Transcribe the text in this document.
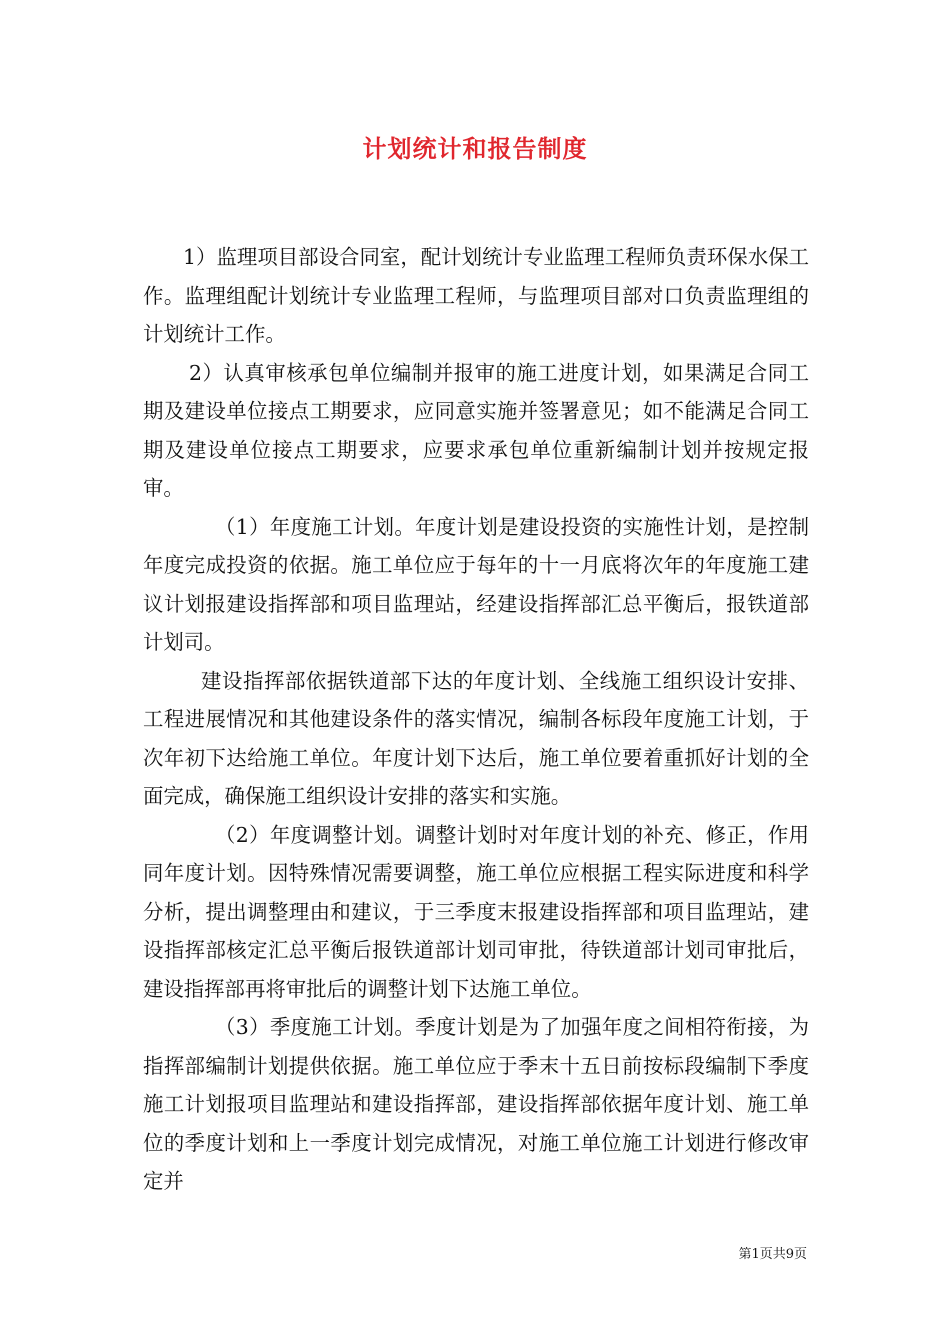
计划统计和报告制度

1）监理项目部设合同室，配计划统计专业监理工程师负责环保水保工作。监理组配计划统计专业监理工程师，与监理项目部对口负责监理组的计划统计工作。

2）认真审核承包单位编制并报审的施工进度计划，如果满足合同工期及建设单位接点工期要求，应同意实施并签署意见；如不能满足合同工期及建设单位接点工期要求，应要求承包单位重新编制计划并按规定报审。

（1）年度施工计划。年度计划是建设投资的实施性计划，是控制年度完成投资的依据。施工单位应于每年的十一月底将次年的年度施工建议计划报建设指挥部和项目监理站，经建设指挥部汇总平衡后，报铁道部计划司。

建设指挥部依据铁道部下达的年度计划、全线施工组织设计安排、工程进展情况和其他建设条件的落实情况，编制各标段年度施工计划，于次年初下达给施工单位。年度计划下达后，施工单位要着重抓好计划的全面完成，确保施工组织设计安排的落实和实施。

（2）年度调整计划。调整计划时对年度计划的补充、修正，作用同年度计划。因特殊情况需要调整，施工单位应根据工程实际进度和科学分析，提出调整理由和建议，于三季度末报建设指挥部和项目监理站，建设指挥部核定汇总平衡后报铁道部计划司审批，待铁道部计划司审批后，建设指挥部再将审批后的调整计划下达施工单位。

（3）季度施工计划。季度计划是为了加强年度之间相符衔接，为指挥部编制计划提供依据。施工单位应于季末十五日前按标段编制下季度施工计划报项目监理站和建设指挥部，建设指挥部依据年度计划、施工单位的季度计划和上一季度计划完成情况，对施工单位施工计划进行修改审定并

第1页共9页
